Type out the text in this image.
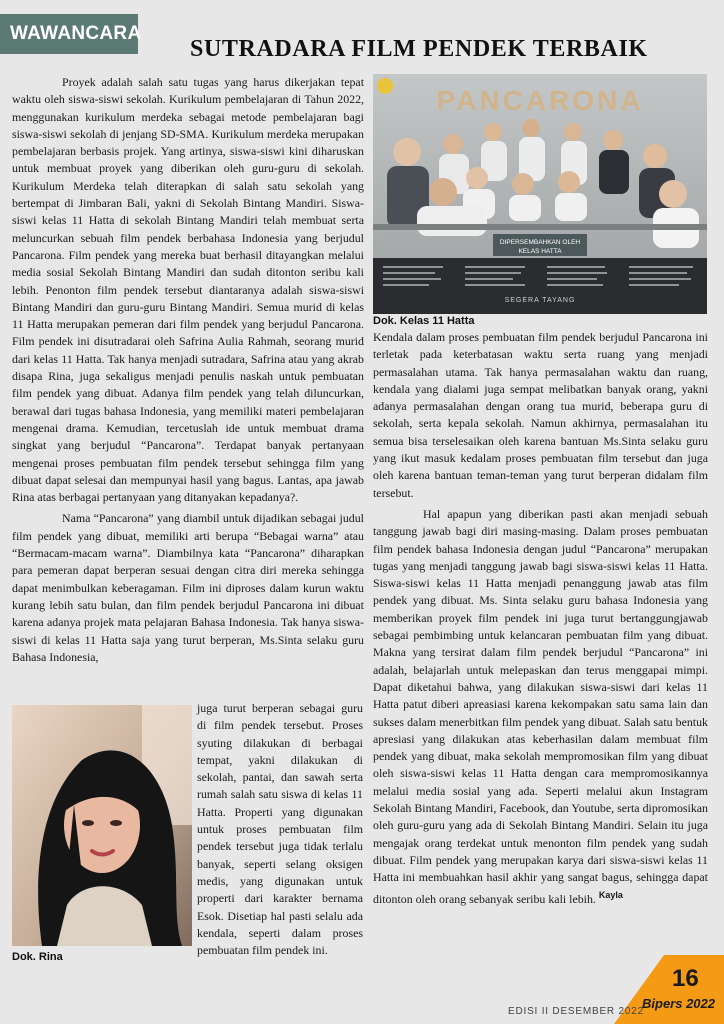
WAWANCARA
SUTRADARA FILM PENDEK TERBAIK

Proyek adalah salah satu tugas yang harus dikerjakan tepat waktu oleh siswa-siswi sekolah. Kurikulum pembelajaran di Tahun 2022, menggunakan kurikulum merdeka sebagai metode pembelajaran bagi siswa-siswi sekolah di jenjang SD-SMA. Kurikulum merdeka merupakan pembelajaran berbasis projek. Yang artinya, siswa-siswi kini diharuskan untuk membuat proyek yang diberikan oleh guru-guru di sekolah. Kurikulum Merdeka telah diterapkan di salah satu sekolah yang bertempat di Jimbaran Bali, yakni di Sekolah Bintang Mandiri. Siswa-siswi kelas 11 Hatta di sekolah Bintang Mandiri telah membuat serta meluncurkan sebuah film pendek berbahasa Indonesia yang berjudul Pancarona. Film pendek yang mereka buat berhasil ditayangkan melalui media sosial Sekolah Bintang Mandiri dan sudah ditonton seribu kali lebih. Penonton film pendek tersebut diantaranya adalah siswa-siswi Bintang Mandiri dan guru-guru Bintang Mandiri. Semua murid di kelas 11 Hatta merupakan pemeran dari film pendek yang berjudul Pancarona. Film pendek ini disutradarai oleh Safrina Aulia Rahmah, seorang murid dari kelas 11 Hatta. Tak hanya menjadi sutradara, Safrina atau yang akrab disapa Rina, juga sekaligus menjadi penulis naskah untuk pembuatan film pendek yang dibuat. Adanya film pendek yang telah diluncurkan, berawal dari tugas bahasa Indonesia, yang memiliki materi pembelajaran mengenai drama. Kemudian, tercetuslah ide untuk membuat drama singkat yang berjudul “Pancarona”. Terdapat banyak pertanyaan mengenai proses pembuatan film pendek tersebut sehingga film yang dibuat dapat selesai dan mempunyai hasil yang bagus. Lantas, apa jawab Rina atas berbagai pertanyaan yang ditanyakan kepadanya?.

Nama “Pancarona” yang diambil untuk dijadikan sebagai judul film pendek yang dibuat, memiliki arti berupa “Bebagai warna” atau “Bermacam-macam warna”. Diambilnya kata “Pancarona” diharapkan para pemeran dapat berperan sesuai dengan citra diri mereka sehingga dapat menimbulkan keberagaman. Film ini diproses dalam kurun waktu kurang lebih satu bulan, dan film pendek berjudul Pancarona ini dibuat karena adanya projek mata pelajaran Bahasa Indonesia. Tak hanya siswa-siswi di kelas 11 Hatta saja yang turut berperan, Ms.Sinta selaku guru Bahasa Indonesia,

juga turut berperan sebagai guru di film pendek tersebut. Proses syuting dilakukan di berbagai tempat, yakni dilakukan di sekolah, pantai, dan sawah serta rumah salah satu siswa di kelas 11 Hatta. Properti yang digunakan untuk proses pembuatan film pendek tersebut juga tidak terlalu banyak, seperti selang oksigen medis, yang digunakan untuk properti dari karakter bernama Esok. Disetiap hal pasti selalu ada kendala, seperti dalam proses pembuatan film pendek ini.

Dok. Rina
PANCARONA
DIPERSEMBAHKAN OLEH
KELAS HATTA
SEGERA TAYANG
Dok. Kelas 11 Hatta

Kendala dalam proses pembuatan film pendek berjudul Pancarona ini terletak pada keterbatasan waktu serta ruang yang menjadi permasalahan utama. Tak hanya permasalahan waktu dan ruang, kendala yang dialami juga sempat melibatkan banyak orang, yakni adanya permasalahan dengan orang tua murid, beberapa guru di sekolah, serta kepala sekolah. Namun akhirnya, permasalahan itu semua bisa terselesaikan oleh karena bantuan Ms.Sinta selaku guru yang ikut masuk kedalam proses pembuatan film tersebut dan juga oleh karena bantuan teman-teman yang turut berperan didalam film tersebut.

Hal apapun yang diberikan pasti akan menjadi sebuah tanggung jawab bagi diri masing-masing. Dalam proses pembuatan film pendek bahasa Indonesia dengan judul “Pancarona” merupakan tugas yang menjadi tanggung jawab bagi siswa-siswi kelas 11 Hatta. Siswa-siswi kelas 11 Hatta menjadi penanggung jawab atas film pendek yang dibuat. Ms. Sinta selaku guru bahasa Indonesia yang memberikan proyek film pendek ini juga turut bertanggungjawab sebagai pembimbing untuk kelancaran pembuatan film yang dibuat. Makna yang tersirat dalam film pendek berjudul “Pancarona” ini adalah, belajarlah untuk melepaskan dan terus menggapai mimpi. Dapat diketahui bahwa, yang dilakukan siswa-siswi dari kelas 11 Hatta patut diberi apreasiasi karena kekompakan satu sama lain dan sukses dalam menerbitkan film pendek yang dibuat. Salah satu bentuk apresiasi yang dilakukan atas keberhasilan dalam membuat film pendek yang dibuat, maka sekolah mempromosikan film yang dibuat oleh siswa-siswi kelas 11 Hatta dengan cara mempromosikannya melalui media sosial yang ada. Seperti melalui akun Instagram Sekolah Bintang Mandiri, Facebook, dan Youtube, serta dipromosikan oleh guru-guru yang ada di Sekolah Bintang Mandiri. Selain itu juga mengajak orang terdekat untuk menonton film pendek yang sudah dibuat. Film pendek yang merupakan karya dari siswa-siswi kelas 11 Hatta ini membuahkan hasil akhir yang sangat bagus, sehingga dapat ditonton oleh orang sebanyak seribu kali lebih. $^{Kayla}$

EDISI II DESEMBER 2022
16
Bipers 2022
